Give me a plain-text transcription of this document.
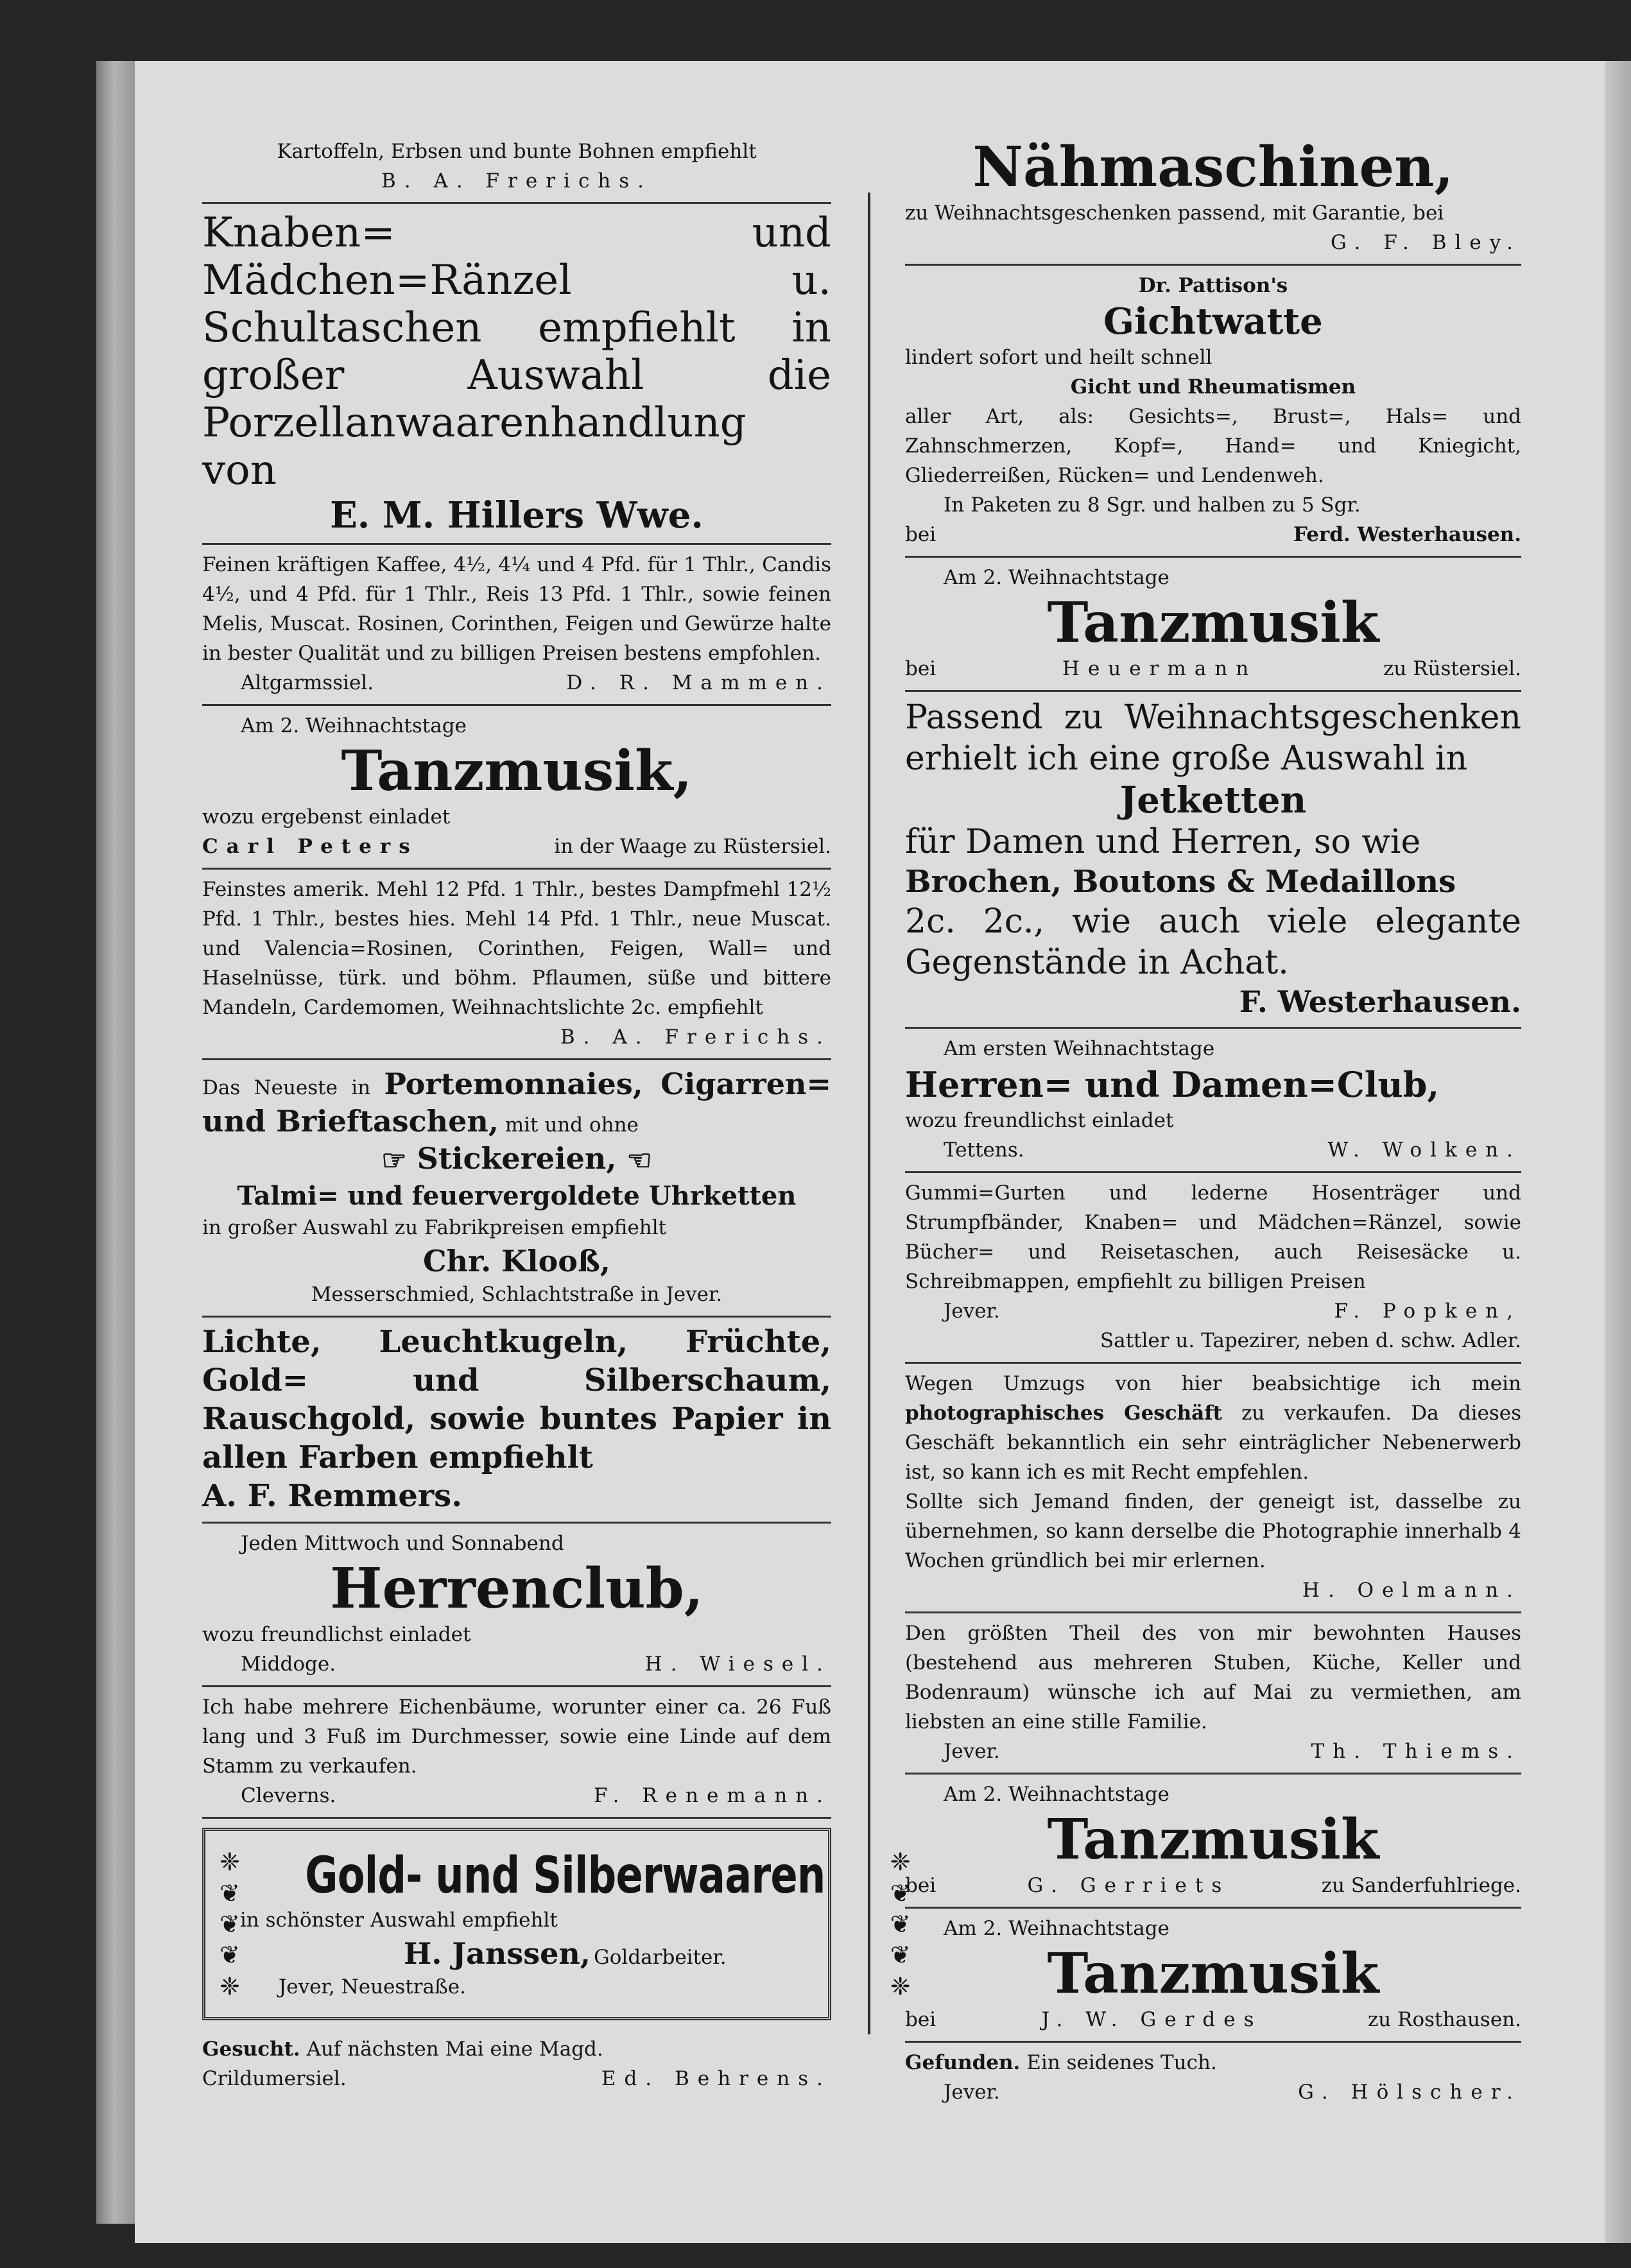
Kartoffeln, Erbsen und bunte Bohnen empfiehlt
B. A. Frerichs.
Knaben= und Mädchen=Ränzel u. Schultaschen empfiehlt in großer Auswahl die Porzellanwaarenhandlung von
E. M. Hillers Wwe.
Feinen kräftigen Kaffee, 4½, 4¼ und 4 Pfd. für 1 Thlr., Candis 4½, und 4 Pfd. für 1 Thlr., Reis 13 Pfd. 1 Thlr., sowie feinen Melis, Muscat. Rosinen, Corinthen, Feigen und Gewürze halte in bester Qualität und zu billigen Preisen bestens empfohlen.
Altgarmssiel.	D. R. Mammen.
Am 2. Weihnachtstage
Tanzmusik,
wozu ergebenst einladet
Carl Peters	in der Waage zu Rüstersiel.
Feinstes amerik. Mehl 12 Pfd. 1 Thlr., bestes Dampfmehl 12½ Pfd. 1 Thlr., bestes hies. Mehl 14 Pfd. 1 Thlr., neue Muscat. und Valencia=Rosinen, Corinthen, Feigen, Wall= und Haselnüsse, türk. und böhm. Pflaumen, süße und bittere Mandeln, Cardemomen, Weihnachtslichte 2c. empfiehlt
B. A. Frerichs.
Das Neueste in Portemonnaies, Cigarren= und Brieftaschen, mit und ohne
☞ Stickereien, ☜
Talmi= und feuervergoldete Uhrketten
in großer Auswahl zu Fabrikpreisen empfiehlt
Chr. Klooß,
Messerschmied, Schlachtstraße in Jever.
Lichte, Leuchtkugeln, Früchte, Gold= und Silberschaum, Rauschgold, sowie buntes Papier in allen Farben empfiehlt
A. F. Remmers.
Jeden Mittwoch und Sonnabend
Herrenclub,
wozu freundlichst einladet
Middoge.	H. Wiesel.
Ich habe mehrere Eichenbäume, worunter einer ca. 26 Fuß lang und 3 Fuß im Durchmesser, sowie eine Linde auf dem Stamm zu verkaufen.
Cleverns.	F. Renemann.
❈
❦
❦
❦
❈
Gold- und Silberwaaren
in schönster Auswahl empfiehlt
H. Janssen, Goldarbeiter.
Jever, Neuestraße.
❈
❦
❦
❦
❈
Gesucht. Auf nächsten Mai eine Magd.
Crildumersiel.	Ed. Behrens.
Nähmaschinen,
zu Weihnachtsgeschenken passend, mit Garantie, bei
G. F. Bley.
Dr. Pattison's
Gichtwatte
lindert sofort und heilt schnell
Gicht und Rheumatismen
aller Art, als: Gesichts=, Brust=, Hals= und Zahnschmerzen, Kopf=, Hand= und Kniegicht, Gliederreißen, Rücken= und Lendenweh.
In Paketen zu 8 Sgr. und halben zu 5 Sgr.
bei	Ferd. Westerhausen.
Am 2. Weihnachtstage
Tanzmusik
bei	Heuermann	zu Rüstersiel.
Passend zu Weihnachtsgeschenken erhielt ich eine große Auswahl in
Jetketten
für Damen und Herren, so wie
Brochen, Boutons & Medaillons
2c. 2c., wie auch viele elegante Gegenstände in Achat.
F. Westerhausen.
Am ersten Weihnachtstage
Herren= und Damen=Club,
wozu freundlichst einladet
Tettens.	W. Wolken.
Gummi=Gurten und lederne Hosenträger und Strumpfbänder, Knaben= und Mädchen=Ränzel, sowie Bücher= und Reisetaschen, auch Reisesäcke u. Schreibmappen, empfiehlt zu billigen Preisen
Jever.	F. Popken,
Sattler u. Tapezirer, neben d. schw. Adler.
Wegen Umzugs von hier beabsichtige ich mein photographisches Geschäft zu verkaufen. Da dieses Geschäft bekanntlich ein sehr einträglicher Nebenerwerb ist, so kann ich es mit Recht empfehlen.
Sollte sich Jemand finden, der geneigt ist, dasselbe zu übernehmen, so kann derselbe die Photographie innerhalb 4 Wochen gründlich bei mir erlernen.
H. Oelmann.
Den größten Theil des von mir bewohnten Hauses (bestehend aus mehreren Stuben, Küche, Keller und Bodenraum) wünsche ich auf Mai zu vermiethen, am liebsten an eine stille Familie.
Jever.	Th. Thiems.
Am 2. Weihnachtstage
Tanzmusik
bei	G. Gerriets	zu Sanderfuhlriege.
Am 2. Weihnachtstage
Tanzmusik
bei	J. W. Gerdes	zu Rosthausen.
Gefunden. Ein seidenes Tuch.
Jever.	G. Hölscher.
